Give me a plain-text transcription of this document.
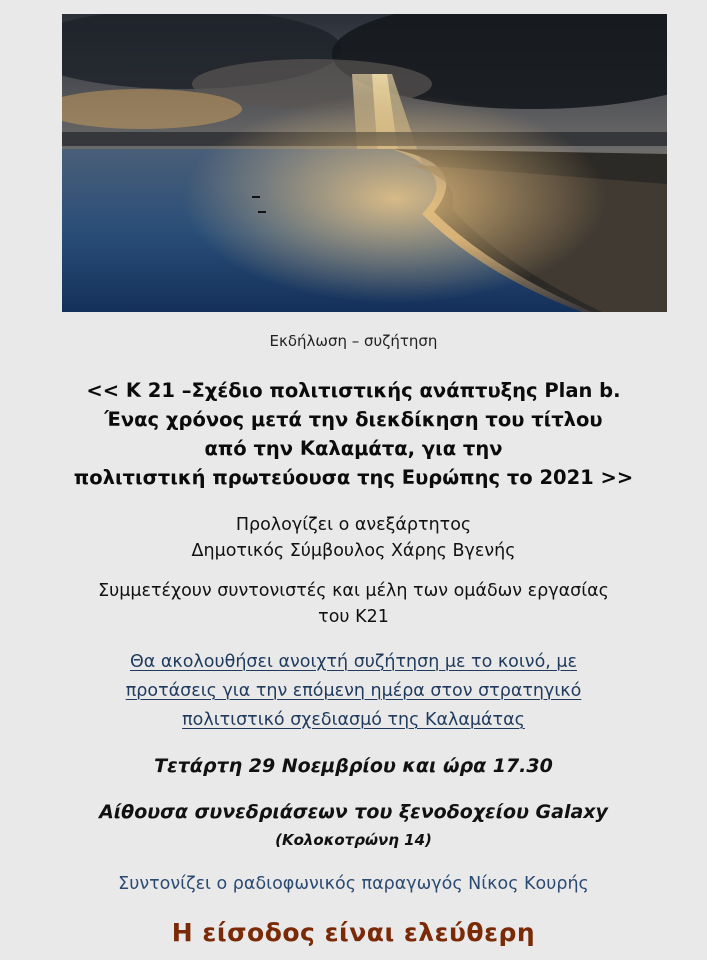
Εκδήλωση – συζήτηση
<< Κ 21 –Σχέδιο πολιτιστικής ανάπτυξης Plan b.
Ένας χρόνος μετά την διεκδίκηση του τίτλου
από την Καλαμάτα, για την
πολιτιστική πρωτεύουσα της Ευρώπης το 2021 >>
Προλογίζει ο ανεξάρτητος
Δημοτικός Σύμβουλος Χάρης Βγενής
Συμμετέχουν συντονιστές και μέλη των ομάδων εργασίας
του Κ21
Θα ακολουθήσει ανοιχτή συζήτηση με το κοινό, με
προτάσεις για την επόμενη ημέρα στον στρατηγικό
πολιτιστικό σχεδιασμό της Καλαμάτας
Τετάρτη 29 Νοεμβρίου και ώρα 17.30
Αίθουσα συνεδριάσεων του ξενοδοχείου Galaxy
(Κολοκοτρώνη 14)
Συντονίζει ο ραδιοφωνικός παραγωγός Νίκος Κουρής
Η είσοδος είναι ελεύθερη
